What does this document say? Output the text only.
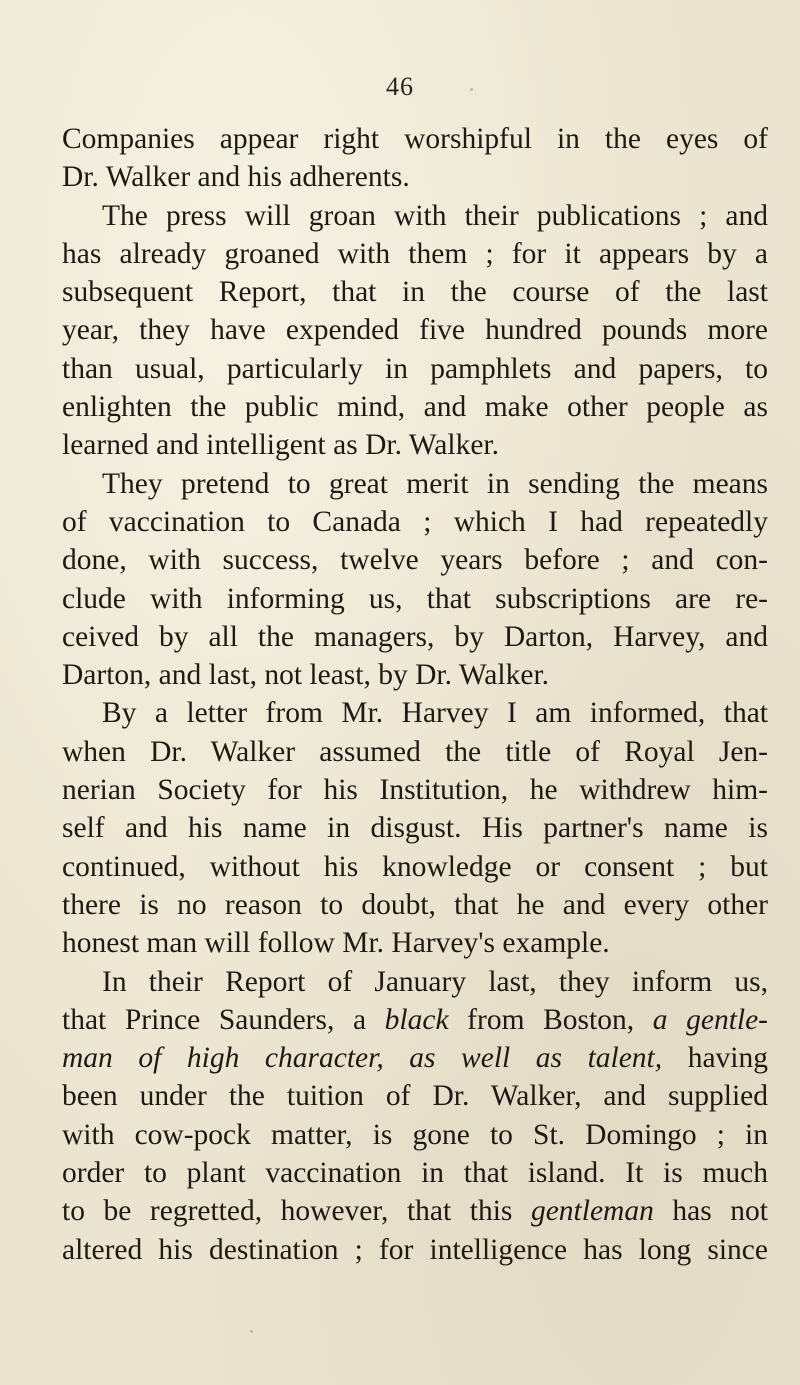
46
Companies appear right worshipful in the eyes of
Dr. Walker and his adherents.
The press will groan with their publications ; and
has already groaned with them ; for it appears by a
subsequent Report, that in the course of the last
year, they have expended five hundred pounds more
than usual, particularly in pamphlets and papers, to
enlighten the public mind, and make other people as
learned and intelligent as Dr. Walker.
They pretend to great merit in sending the means
of vaccination to Canada ; which I had repeatedly
done, with success, twelve years before ; and con-
clude with informing us, that subscriptions are re-
ceived by all the managers, by Darton, Harvey, and
Darton, and last, not least, by Dr. Walker.
By a letter from Mr. Harvey I am informed, that
when Dr. Walker assumed the title of Royal Jen-
nerian Society for his Institution, he withdrew him-
self and his name in disgust. His partner's name is
continued, without his knowledge or consent ; but
there is no reason to doubt, that he and every other
honest man will follow Mr. Harvey's example.
In their Report of January last, they inform us,
that Prince Saunders, a black from Boston, a gentle-
man of high character, as well as talent, having
been under the tuition of Dr. Walker, and supplied
with cow-pock matter, is gone to St. Domingo ; in
order to plant vaccination in that island. It is much
to be regretted, however, that this gentleman has not
altered his destination ; for intelligence has long since
